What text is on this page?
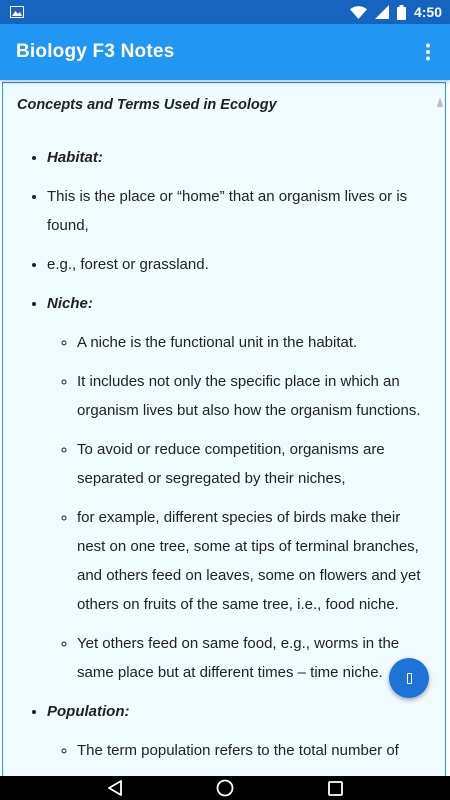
4:50
Biology F3 Notes
Concepts and Terms Used in Ecology
• Habitat:
• This is the place or “home” that an organism lives or is found,
• e.g., forest or grassland.
• Niche:
◦ A niche is the functional unit in the habitat.
◦ It includes not only the specific place in which an organism lives but also how the organism functions.
◦ To avoid or reduce competition, organisms are separated or segregated by their niches,
◦ for example, different species of birds make their nest on one tree, some at tips of terminal branches, and others feed on leaves, some on flowers and yet others on fruits of the same tree, i.e., food niche.
◦ Yet others feed on same food, e.g., worms in the same place but at different times – time niche.
• Population:
◦ The term population refers to the total number of
